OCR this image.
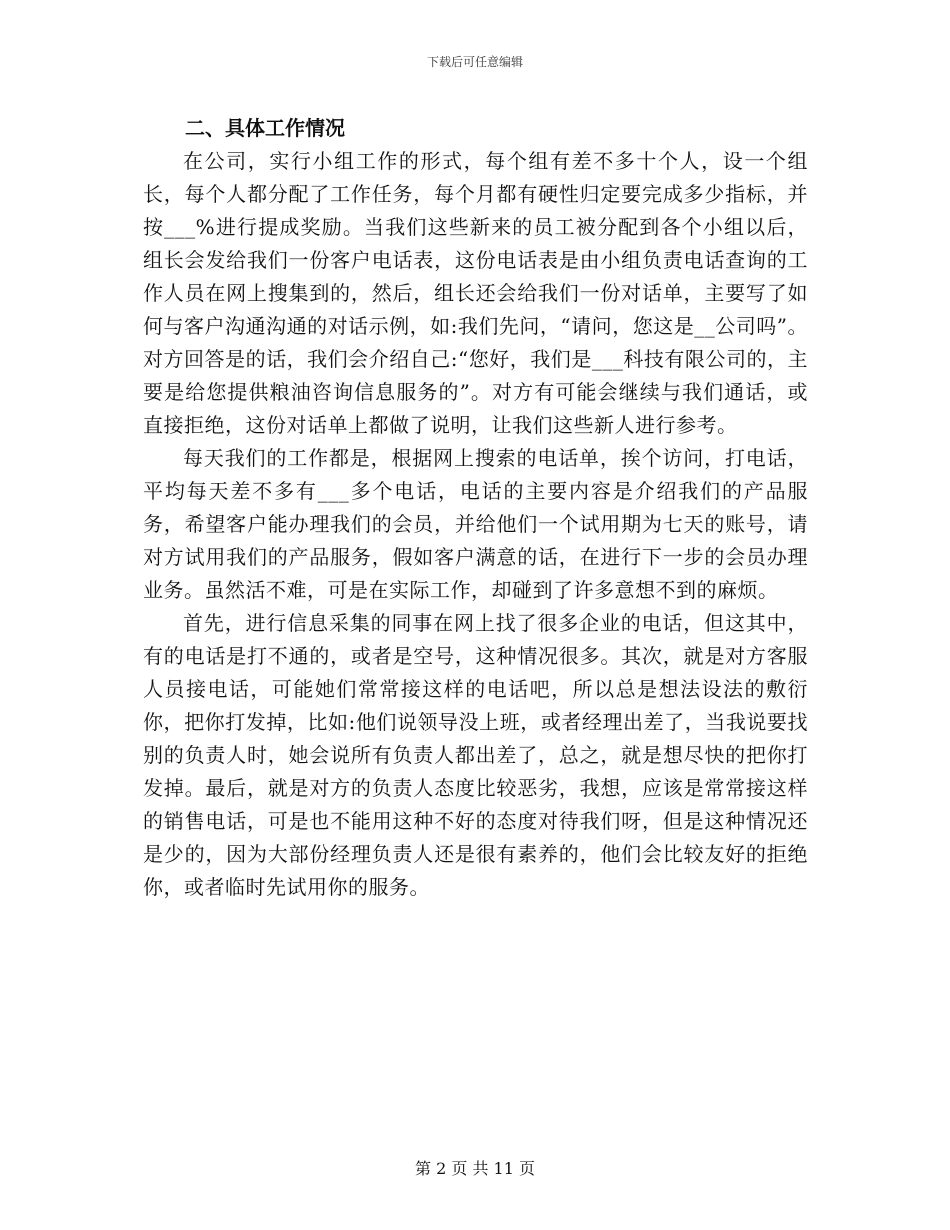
下载后可任意编辑
二、具体工作情况

在公司，实行小组工作的形式，每个组有差不多十个人，设一个组长，每个人都分配了工作任务，每个月都有硬性归定要完成多少指标，并按___%进行提成奖励。当我们这些新来的员工被分配到各个小组以后，组长会发给我们一份客户电话表，这份电话表是由小组负责电话查询的工作人员在网上搜集到的，然后，组长还会给我们一份对话单，主要写了如何与客户沟通沟通的对话示例，如:我们先问，“请问，您这是__公司吗”。对方回答是的话，我们会介绍自己:“您好，我们是___科技有限公司的，主要是给您提供粮油咨询信息服务的”。对方有可能会继续与我们通话，或直接拒绝，这份对话单上都做了说明，让我们这些新人进行参考。

每天我们的工作都是，根据网上搜索的电话单，挨个访问，打电话，平均每天差不多有___多个电话，电话的主要内容是介绍我们的产品服务，希望客户能办理我们的会员，并给他们一个试用期为七天的账号，请对方试用我们的产品服务，假如客户满意的话，在进行下一步的会员办理业务。虽然活不难，可是在实际工作，却碰到了许多意想不到的麻烦。

首先，进行信息采集的同事在网上找了很多企业的电话，但这其中，有的电话是打不通的，或者是空号，这种情况很多。其次，就是对方客服人员接电话，可能她们常常接这样的电话吧，所以总是想法设法的敷衍你，把你打发掉，比如:他们说领导没上班，或者经理出差了，当我说要找别的负责人时，她会说所有负责人都出差了，总之，就是想尽快的把你打发掉。最后，就是对方的负责人态度比较恶劣，我想，应该是常常接这样的销售电话，可是也不能用这种不好的态度对待我们呀，但是这种情况还是少的，因为大部份经理负责人还是很有素养的，他们会比较友好的拒绝你，或者临时先试用你的服务。

第 2 页 共 11 页
